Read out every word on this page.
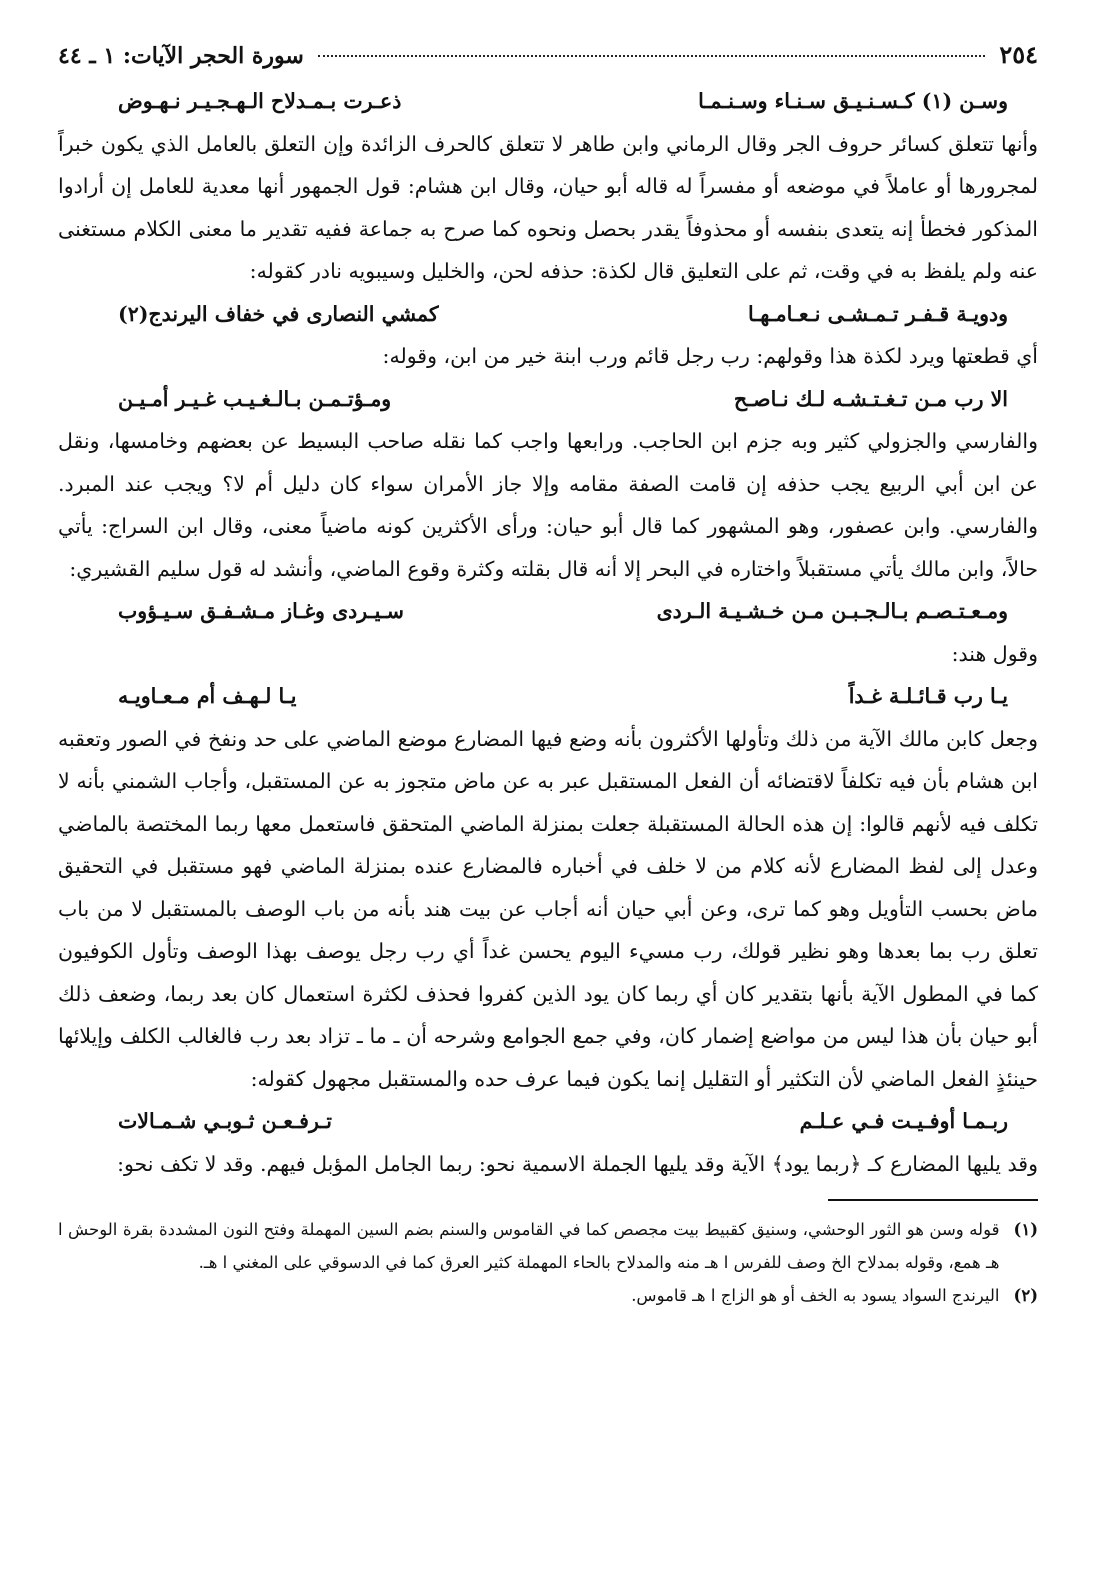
٢٥٤
سورة الحجر الآيات: ١ ـ ٤٤
وسـن (١) كـسـنـيـق سـنـاء وسـنـمـا
ذعـرت بـمـدلاح الـهـجـيـر نـهـوض

وأنها تتعلق كسائر حروف الجر وقال الرماني وابن طاهر لا تتعلق كالحرف الزائدة وإن التعلق بالعامل الذي يكون خبراً لمجرورها أو عاملاً في موضعه أو مفسراً له قاله أبو حيان، وقال ابن هشام: قول الجمهور أنها معدية للعامل إن أرادوا المذكور فخطأ إنه يتعدى بنفسه أو محذوفاً يقدر بحصل ونحوه كما صرح به جماعة ففيه تقدير ما معنى الكلام مستغنى عنه ولم يلفظ به في وقت، ثم على التعليق قال لكذة: حذفه لحن، والخليل وسيبويه نادر كقوله:

ودويـة قـفـر تـمـشـى نـعـامـهـا
كمشي النصارى في خفاف اليرندج(٢)

أي قطعتها ويرد لكذة هذا وقولهم: رب رجل قائم ورب ابنة خير من ابن، وقوله:

الا رب مـن تـغـتـشـه لـك نـاصـح
ومـؤتـمـن بـالـغـيـب غـيـر أمـيـن

والفارسي والجزولي كثير وبه جزم ابن الحاجب. ورابعها واجب كما نقله صاحب البسيط عن بعضهم وخامسها، ونقل عن ابن أبي الربيع يجب حذفه إن قامت الصفة مقامه وإلا جاز الأمران سواء كان دليل أم لا؟ ويجب عند المبرد. والفارسي. وابن عصفور، وهو المشهور كما قال أبو حيان: ورأى الأكثرين كونه ماضياً معنى، وقال ابن السراج: يأتي حالاً، وابن مالك يأتي مستقبلاً واختاره في البحر إلا أنه قال بقلته وكثرة وقوع الماضي، وأنشد له قول سليم القشيري:

ومـعـتـصـم بـالـجـبـن مـن خـشـيـة الـردى
سـيـردى وغـاز مـشـفـق سـيـؤوب

وقول هند:

يـا رب قـائـلـة غـداً
يـا لـهـف أم مـعـاويـه

وجعل كابن مالك الآية من ذلك وتأولها الأكثرون بأنه وضع فيها المضارع موضع الماضي على حد ونفخ في الصور وتعقبه ابن هشام بأن فيه تكلفاً لاقتضائه أن الفعل المستقبل عبر به عن ماض متجوز به عن المستقبل، وأجاب الشمني بأنه لا تكلف فيه لأنهم قالوا: إن هذه الحالة المستقبلة جعلت بمنزلة الماضي المتحقق فاستعمل معها ربما المختصة بالماضي وعدل إلى لفظ المضارع لأنه كلام من لا خلف في أخباره فالمضارع عنده بمنزلة الماضي فهو مستقبل في التحقيق ماض بحسب التأويل وهو كما ترى، وعن أبي حيان أنه أجاب عن بيت هند بأنه من باب الوصف بالمستقبل لا من باب تعلق رب بما بعدها وهو نظير قولك، رب مسيء اليوم يحسن غداً أي رب رجل يوصف بهذا الوصف وتأول الكوفيون كما في المطول الآية بأنها بتقدير كان أي ربما كان يود الذين كفروا فحذف لكثرة استعمال كان بعد ربما، وضعف ذلك أبو حيان بأن هذا ليس من مواضع إضمار كان، وفي جمع الجوامع وشرحه أن ـ ما ـ تزاد بعد رب فالغالب الكلف وإيلائها حينئذٍ الفعل الماضي لأن التكثير أو التقليل إنما يكون فيما عرف حده والمستقبل مجهول كقوله:

ربـمـا أوفـيـت فـي عـلـم
تـرفـعـن ثـوبـي شـمـالات

وقد يليها المضارع كـ ﴿ربما يود﴾ الآية وقد يليها الجملة الاسمية نحو: ربما الجامل المؤبل فيهم. وقد لا تكف نحو:

(١)
قوله وسن هو الثور الوحشي، وسنيق كقبيط بيت مجصص كما في القاموس والسنم بضم السين المهملة وفتح النون المشددة بقرة الوحش ا هـ همع، وقوله بمدلاح الخ وصف للفرس ا هـ منه والمدلاح بالحاء المهملة كثير العرق كما في الدسوقي على المغني ا هـ.
(٢)
اليرندج السواد يسود به الخف أو هو الزاج ا هـ قاموس.
